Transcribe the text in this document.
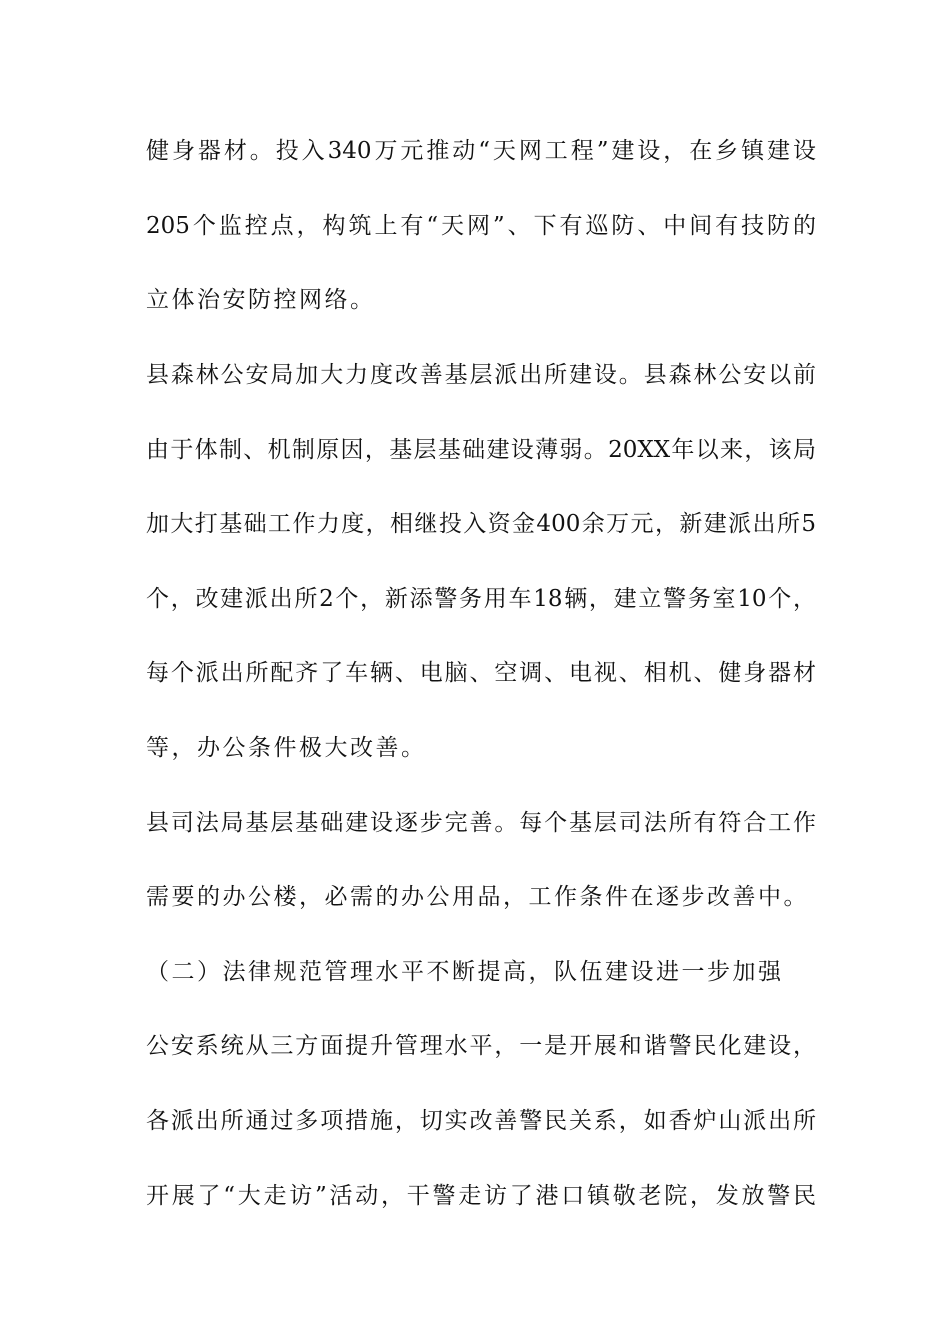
健身器材。投入340万元推动“天网工程”建设，在乡镇建设
205个监控点，构筑上有“天网”、下有巡防、中间有技防的
立体治安防控网络。
县森林公安局加大力度改善基层派出所建设。县森林公安以前
由于体制、机制原因，基层基础建设薄弱。20XX年以来，该局
加大打基础工作力度，相继投入资金400余万元，新建派出所5
个，改建派出所2个，新添警务用车18辆，建立警务室10个，
每个派出所配齐了车辆、电脑、空调、电视、相机、健身器材
等，办公条件极大改善。
县司法局基层基础建设逐步完善。每个基层司法所有符合工作
需要的办公楼，必需的办公用品，工作条件在逐步改善中。
（二）法律规范管理水平不断提高，队伍建设进一步加强
公安系统从三方面提升管理水平，一是开展和谐警民化建设，
各派出所通过多项措施，切实改善警民关系，如香炉山派出所
开展了“大走访”活动，干警走访了港口镇敬老院，发放警民
